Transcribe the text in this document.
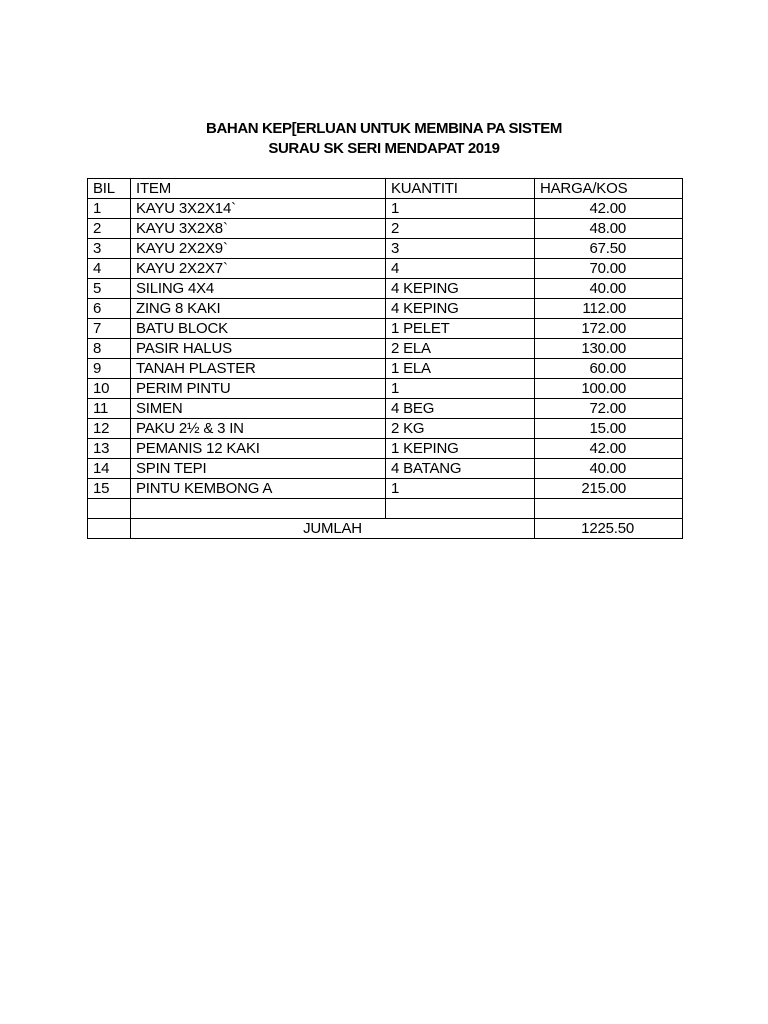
BAHAN KEP[ERLUAN UNTUK MEMBINA PA SISTEM
SURAU SK SERI MENDAPAT 2019
BIL	ITEM	KUANTITI	HARGA/KOS
1	KAYU 3X2X14`	1	42.00
2	KAYU 3X2X8`	2	48.00
3	KAYU 2X2X9`	3	67.50
4	KAYU 2X2X7`	4	70.00
5	SILING 4X4	4 KEPING	40.00
6	ZING 8 KAKI	4 KEPING	112.00
7	BATU BLOCK	1 PELET	172.00
8	PASIR HALUS	2 ELA	130.00
9	TANAH PLASTER	1 ELA	60.00
10	PERIM PINTU	1	100.00
11	SIMEN	4 BEG	72.00
12	PAKU 2½ & 3 IN	2 KG	15.00
13	PEMANIS 12 KAKI	1 KEPING	42.00
14	SPIN TEPI	4 BATANG	40.00
15	PINTU KEMBONG A	1	215.00

	JUMLAH		1225.50
